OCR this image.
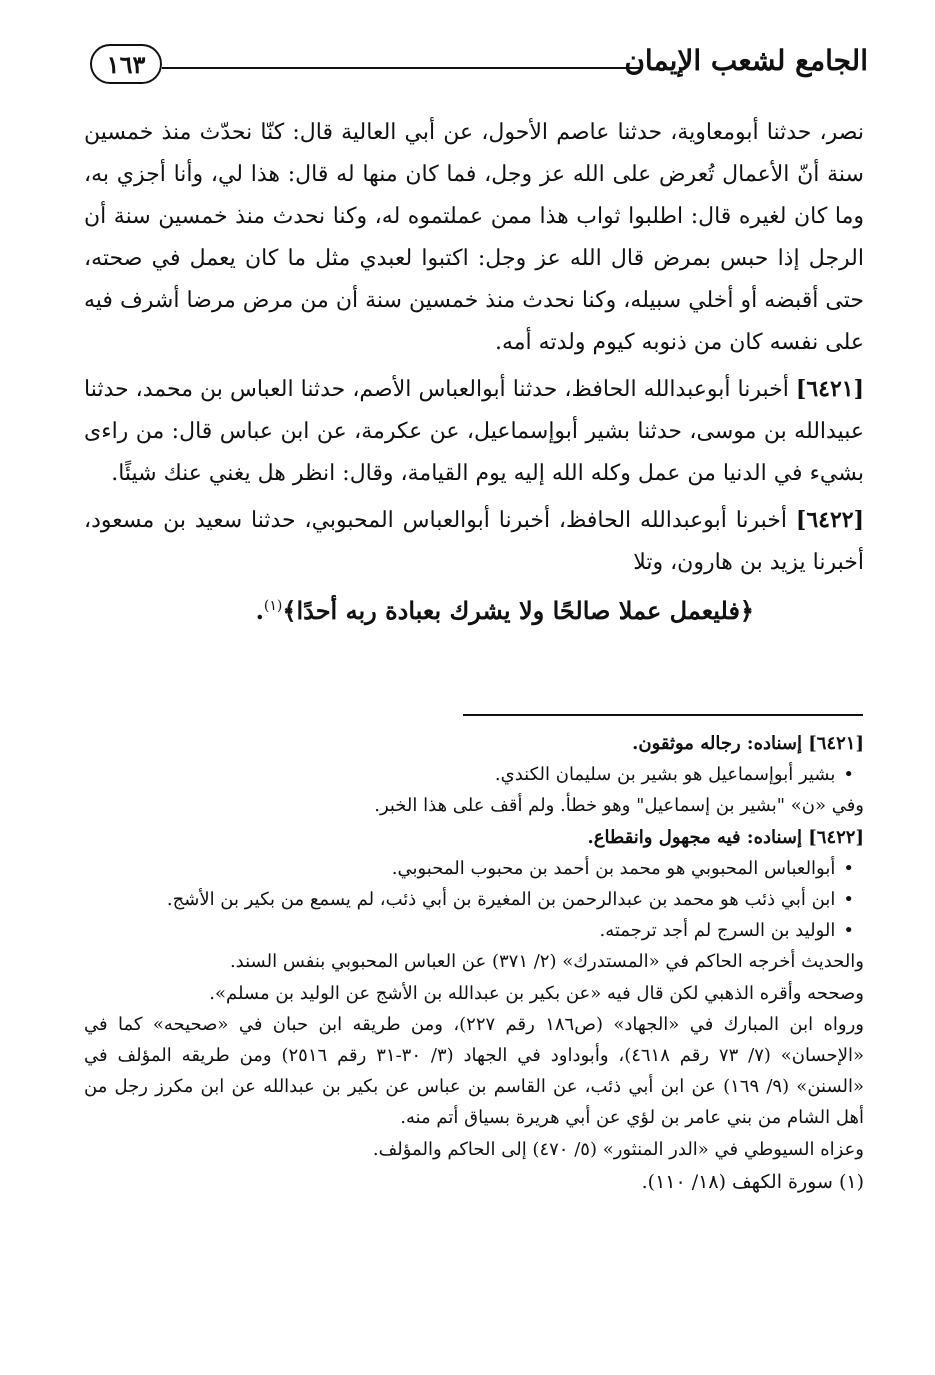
الجامع لشعب الإيمان
١٦٣

نصر، حدثنا أبومعاوية، حدثنا عاصم الأحول، عن أبي العالية قال: كنّا نحدّث منذ خمسين سنة أنّ الأعمال تُعرض على الله عز وجل، فما كان منها له قال: هذا لي، وأنا أجزي به، وما كان لغيره قال: اطلبوا ثواب هذا ممن عملتموه له، وكنا نحدث منذ خمسين سنة أن الرجل إذا حبس بمرض قال الله عز وجل: اكتبوا لعبدي مثل ما كان يعمل في صحته، حتى أقبضه أو أخلي سبيله، وكنا نحدث منذ خمسين سنة أن من مرض مرضا أشرف فيه على نفسه كان من ذنوبه كيوم ولدته أمه.

[٦٤٢١] أخبرنا أبوعبدالله الحافظ، حدثنا أبوالعباس الأصم، حدثنا العباس بن محمد، حدثنا عبيدالله بن موسى، حدثنا بشير أبوإسماعيل، عن عكرمة، عن ابن عباس قال: من راءى بشيء في الدنيا من عمل وكله الله إليه يوم القيامة، وقال: انظر هل يغني عنك شيئًا.

[٦٤٢٢] أخبرنا أبوعبدالله الحافظ، أخبرنا أبوالعباس المحبوبي، حدثنا سعيد بن مسعود، أخبرنا يزيد بن هارون، وتلا

﴿فليعمل عملا صالحًا ولا يشرك بعبادة ربه أحدًا﴾$^{(١)}$.

[٦٤٢١] إسناده: رجاله موثقون.

• بشير أبوإسماعيل هو بشير بن سليمان الكندي.

وفي «ن» "بشير بن إسماعيل" وهو خطأ. ولم أقف على هذا الخبر.

[٦٤٢٢] إسناده: فيه مجهول وانقطاع.

• أبوالعباس المحبوبي هو محمد بن أحمد بن محبوب المحبوبي.

• ابن أبي ذئب هو محمد بن عبدالرحمن بن المغيرة بن أبي ذئب، لم يسمع من بكير بن الأشج.

• الوليد بن السرج لم أجد ترجمته.

والحديث أخرجه الحاكم في «المستدرك» (٢/ ٣٧١) عن العباس المحبوبي بنفس السند.

وصححه وأقره الذهبي لكن قال فيه «عن بكير بن عبدالله بن الأشج عن الوليد بن مسلم».

ورواه ابن المبارك في «الجهاد» (ص١٨٦ رقم ٢٢٧)، ومن طريقه ابن حبان في «صحيحه» كما في «الإحسان» (٧/ ٧٣ رقم ٤٦١٨)، وأبوداود في الجهاد (٣/ ٣٠-٣١ رقم ٢٥١٦) ومن طريقه المؤلف في «السنن» (٩/ ١٦٩) عن ابن أبي ذئب، عن القاسم بن عباس عن بكير بن عبدالله عن ابن مكرز رجل من أهل الشام من بني عامر بن لؤي عن أبي هريرة بسياق أتم منه.

وعزاه السيوطي في «الدر المنثور» (٥/ ٤٧٠) إلى الحاكم والمؤلف.

(١) سورة الكهف (١٨/ ١١٠).
